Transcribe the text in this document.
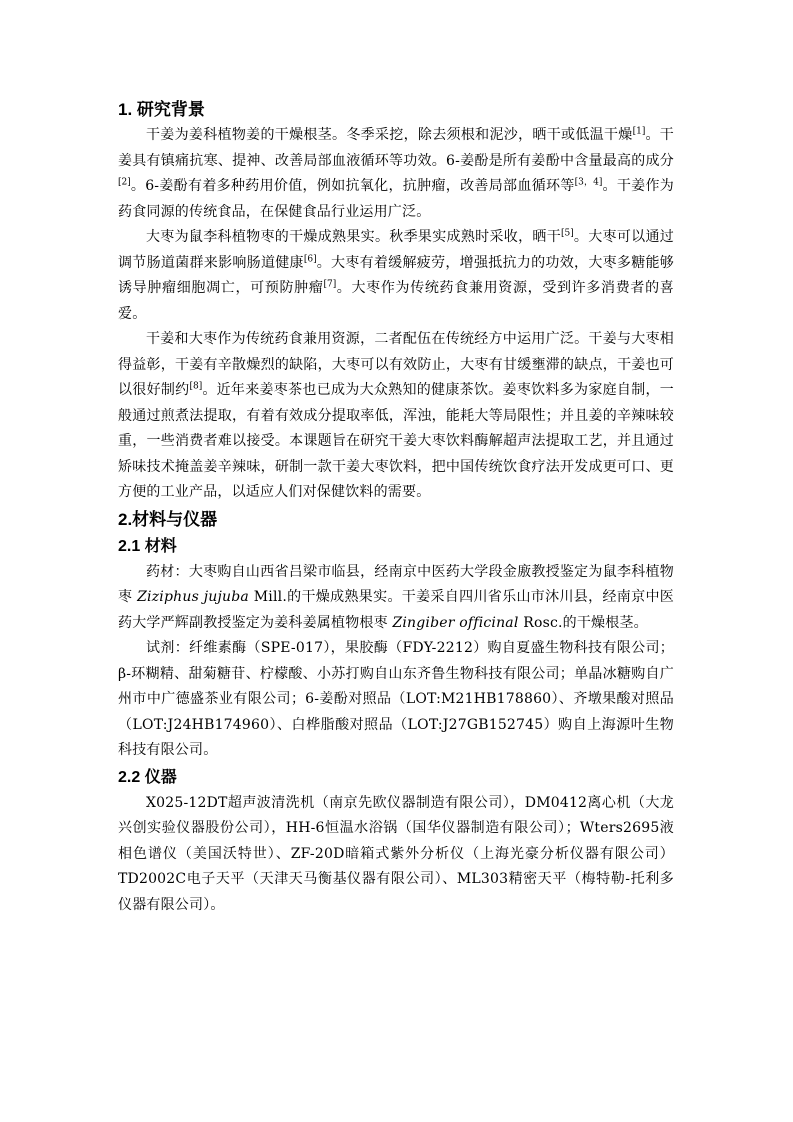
1. 研究背景

干姜为姜科植物姜的干燥根茎。冬季采挖，除去须根和泥沙，晒干或低温干燥[1]。干姜具有镇痛抗寒、提神、改善局部血液循环等功效。6-姜酚是所有姜酚中含量最高的成分[2]。6-姜酚有着多种药用价值，例如抗氧化，抗肿瘤，改善局部血循环等[3，4]。干姜作为药食同源的传统食品，在保健食品行业运用广泛。

大枣为鼠李科植物枣的干燥成熟果实。秋季果实成熟时采收，晒干[5]。大枣可以通过调节肠道菌群来影响肠道健康[6]。大枣有着缓解疲劳，增强抵抗力的功效，大枣多糖能够诱导肿瘤细胞凋亡，可预防肿瘤[7]。大枣作为传统药食兼用资源，受到许多消费者的喜爱。

干姜和大枣作为传统药食兼用资源，二者配伍在传统经方中运用广泛。干姜与大枣相得益彰，干姜有辛散燥烈的缺陷，大枣可以有效防止，大枣有甘缓壅滞的缺点，干姜也可以很好制约[8]。近年来姜枣茶也已成为大众熟知的健康茶饮。姜枣饮料多为家庭自制，一般通过煎煮法提取，有着有效成分提取率低，浑浊，能耗大等局限性；并且姜的辛辣味较重，一些消费者难以接受。本课题旨在研究干姜大枣饮料酶解超声法提取工艺，并且通过矫味技术掩盖姜辛辣味，研制一款干姜大枣饮料，把中国传统饮食疗法开发成更可口、更方便的工业产品，以适应人们对保健饮料的需要。

2.材料与仪器
2.1 材料

药材：大枣购自山西省吕梁市临县，经南京中医药大学段金廒教授鉴定为鼠李科植物枣 Ziziphus jujuba Mill.的干燥成熟果实。干姜采自四川省乐山市沐川县，经南京中医药大学严辉副教授鉴定为姜科姜属植物根枣 Zingiber officinal Rosc.的干燥根茎。

试剂：纤维素酶（SPE-017），果胶酶（FDY-2212）购自夏盛生物科技有限公司；β-环糊精、甜菊糖苷、柠檬酸、小苏打购自山东齐鲁生物科技有限公司；单晶冰糖购自广州市中广德盛茶业有限公司；6-姜酚对照品（LOT:M21HB178860）、齐墩果酸对照品（LOT:J24HB174960）、白桦脂酸对照品（LOT:J27GB152745）购自上海源叶生物科技有限公司。

2.2 仪器

X025-12DT超声波清洗机（南京先欧仪器制造有限公司），DM0412离心机（大龙兴创实验仪器股份公司），HH-6恒温水浴锅（国华仪器制造有限公司）；Wters2695液相色谱仪（美国沃特世）、ZF-20D暗箱式紫外分析仪（上海光豪分析仪器有限公司）TD2002C电子天平（天津天马衡基仪器有限公司）、ML303精密天平（梅特勒-托利多仪器有限公司）。
